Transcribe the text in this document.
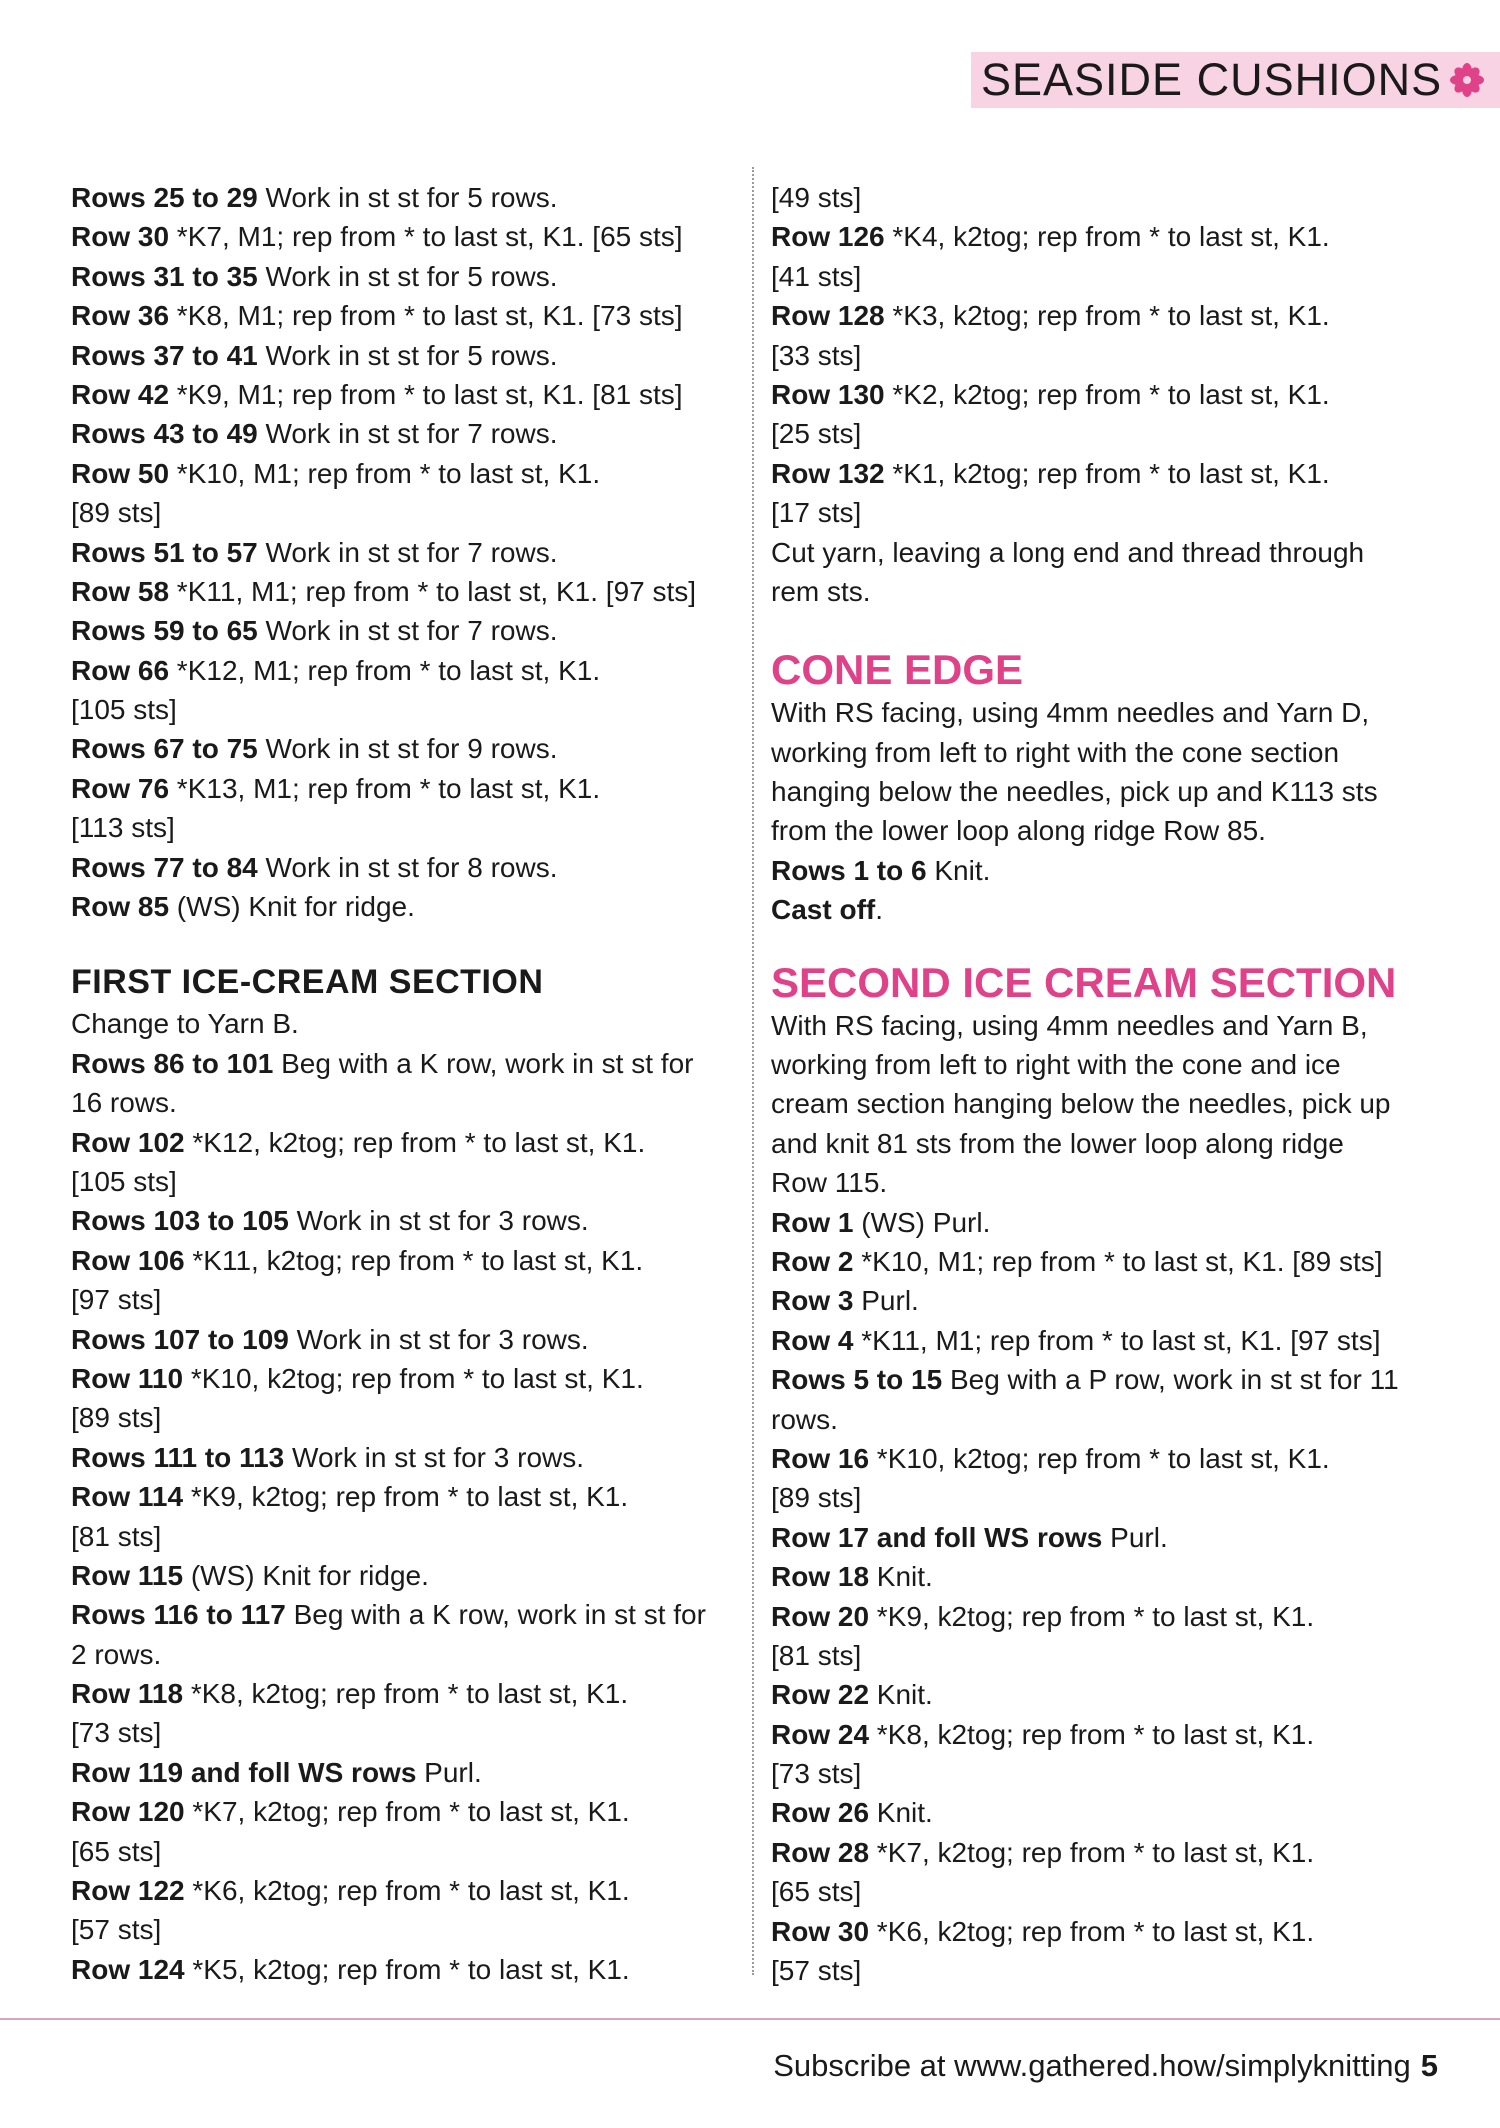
SEASIDE CUSHIONS
Rows 25 to 29 Work in st st for 5 rows.
Row 30 *K7, M1; rep from * to last st, K1. [65 sts]
Rows 31 to 35 Work in st st for 5 rows.
Row 36 *K8, M1; rep from * to last st, K1. [73 sts]
Rows 37 to 41 Work in st st for 5 rows.
Row 42 *K9, M1; rep from * to last st, K1. [81 sts]
Rows 43 to 49 Work in st st for 7 rows.
Row 50 *K10, M1; rep from * to last st, K1.
[89 sts]
Rows 51 to 57 Work in st st for 7 rows.
Row 58 *K11, M1; rep from * to last st, K1. [97 sts]
Rows 59 to 65 Work in st st for 7 rows.
Row 66 *K12, M1; rep from * to last st, K1.
[105 sts]
Rows 67 to 75 Work in st st for 9 rows.
Row 76 *K13, M1; rep from * to last st, K1.
[113 sts]
Rows 77 to 84 Work in st st for 8 rows.
Row 85 (WS) Knit for ridge.
FIRST ICE-CREAM SECTION
Change to Yarn B.
Rows 86 to 101 Beg with a K row, work in st st for
16 rows.
Row 102 *K12, k2tog; rep from * to last st, K1.
[105 sts]
Rows 103 to 105 Work in st st for 3 rows.
Row 106 *K11, k2tog; rep from * to last st, K1.
[97 sts]
Rows 107 to 109 Work in st st for 3 rows.
Row 110 *K10, k2tog; rep from * to last st, K1.
[89 sts]
Rows 111 to 113 Work in st st for 3 rows.
Row 114 *K9, k2tog; rep from * to last st, K1.
[81 sts]
Row 115 (WS) Knit for ridge.
Rows 116 to 117 Beg with a K row, work in st st for
2 rows.
Row 118 *K8, k2tog; rep from * to last st, K1.
[73 sts]
Row 119 and foll WS rows Purl.
Row 120 *K7, k2tog; rep from * to last st, K1.
[65 sts]
Row 122 *K6, k2tog; rep from * to last st, K1.
[57 sts]
Row 124 *K5, k2tog; rep from * to last st, K1.
[49 sts]
Row 126 *K4, k2tog; rep from * to last st, K1.
[41 sts]
Row 128 *K3, k2tog; rep from * to last st, K1.
[33 sts]
Row 130 *K2, k2tog; rep from * to last st, K1.
[25 sts]
Row 132 *K1, k2tog; rep from * to last st, K1.
[17 sts]
Cut yarn, leaving a long end and thread through
rem sts.
CONE EDGE
With RS facing, using 4mm needles and Yarn D,
working from left to right with the cone section
hanging below the needles, pick up and K113 sts
from the lower loop along ridge Row 85.
Rows 1 to 6 Knit.
Cast off.
SECOND ICE CREAM SECTION
With RS facing, using 4mm needles and Yarn B,
working from left to right with the cone and ice
cream section hanging below the needles, pick up
and knit 81 sts from the lower loop along ridge
Row 115.
Row 1 (WS) Purl.
Row 2 *K10, M1; rep from * to last st, K1. [89 sts]
Row 3 Purl.
Row 4 *K11, M1; rep from * to last st, K1. [97 sts]
Rows 5 to 15 Beg with a P row, work in st st for 11
rows.
Row 16 *K10, k2tog; rep from * to last st, K1.
[89 sts]
Row 17 and foll WS rows Purl.
Row 18 Knit.
Row 20 *K9, k2tog; rep from * to last st, K1.
[81 sts]
Row 22 Knit.
Row 24 *K8, k2tog; rep from * to last st, K1.
[73 sts]
Row 26 Knit.
Row 28 *K7, k2tog; rep from * to last st, K1.
[65 sts]
Row 30 *K6, k2tog; rep from * to last st, K1.
[57 sts]
Subscribe at www.gathered.how/simplyknitting 5
